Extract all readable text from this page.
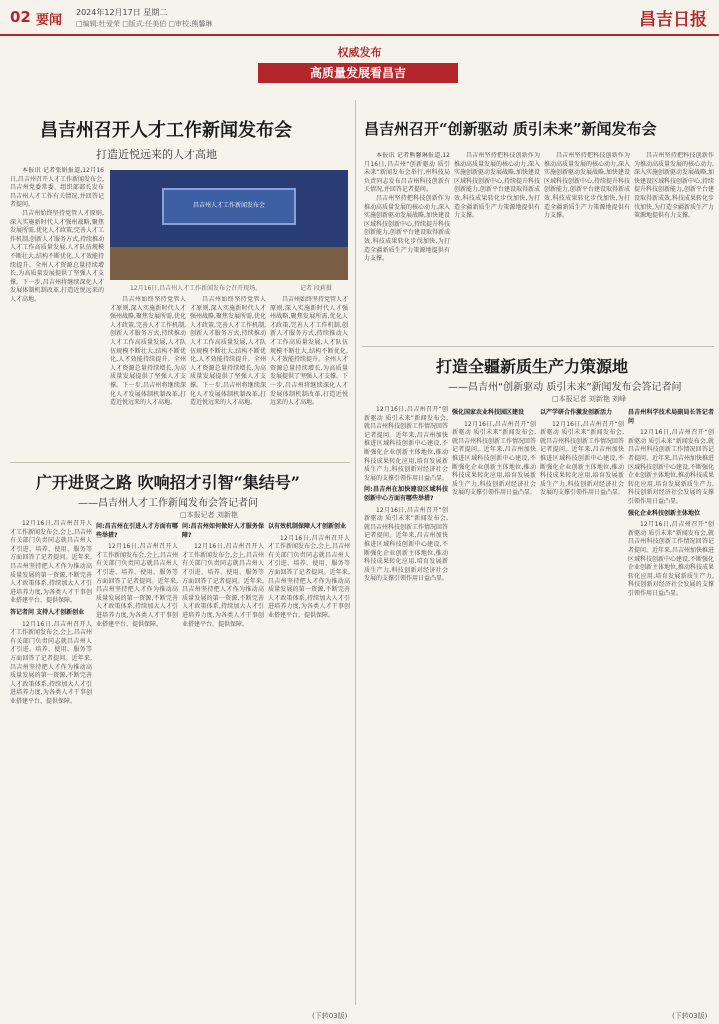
02 要闻
2024年12月17日 星期二
□编辑:牡爱荣 □版式:任美伯 □审校:熊馨琳	昌吉日报
权威发布
高质量发展看昌吉
昌吉州召开人才工作新闻发布会
打造近悦远来的人才高地

本报讯 记者张娟报道,12月16日,昌吉州召开人才工作新闻发布会,昌吉州党委常委、组织部部长发布昌吉州人才工作有关情况,并回答记者提问。

昌吉州始终坚持党管人才原则,深入实施新时代人才强州战略,聚焦发展所需,优化人才政策,完善人才工作机制,创新人才服务方式,持续推动人才工作高质量发展,人才队伍规模不断壮大,结构不断优化,人才效能持续提升。全州人才资源总量持续增长,为高质量发展提供了坚强人才支撑。下一步,昌吉州将继续深化人才发展体制机制改革,打造近悦远来的人才高地。

昌吉州人才工作新闻发布会
12月16日,昌吉州人才工作新闻发布会召开现场。	记者 段莉摄

昌吉州始终坚持党管人才原则,深入实施新时代人才强州战略,聚焦发展所需,优化人才政策,完善人才工作机制,创新人才服务方式,持续推动人才工作高质量发展,人才队伍规模不断壮大,结构不断优化,人才效能持续提升。全州人才资源总量持续增长,为高质量发展提供了坚强人才支撑。下一步,昌吉州将继续深化人才发展体制机制改革,打造近悦远来的人才高地。

昌吉州始终坚持党管人才原则,深入实施新时代人才强州战略,聚焦发展所需,优化人才政策,完善人才工作机制,创新人才服务方式,持续推动人才工作高质量发展,人才队伍规模不断壮大,结构不断优化,人才效能持续提升。全州人才资源总量持续增长,为高质量发展提供了坚强人才支撑。下一步,昌吉州将继续深化人才发展体制机制改革,打造近悦远来的人才高地。

昌吉州始终坚持党管人才原则,深入实施新时代人才强州战略,聚焦发展所需,优化人才政策,完善人才工作机制,创新人才服务方式,持续推动人才工作高质量发展,人才队伍规模不断壮大,结构不断优化,人才效能持续提升。全州人才资源总量持续增长,为高质量发展提供了坚强人才支撑。下一步,昌吉州将继续深化人才发展体制机制改革,打造近悦远来的人才高地。

广开进贤之路 吹响招才引智“集结号”
——昌吉州人才工作新闻发布会答记者问
□本报记者 刘新艳

12月16日,昌吉州召开人才工作新闻发布会,会上,昌吉州有关部门负责同志就昌吉州人才引进、培养、使用、服务等方面回答了记者提问。近年来,昌吉州坚持把人才作为推动高质量发展的第一资源,不断完善人才政策体系,持续加大人才引进培养力度,为各类人才干事创业搭建平台、提供保障。

答记者问 支持人才创新创业

12月16日,昌吉州召开人才工作新闻发布会,会上,昌吉州有关部门负责同志就昌吉州人才引进、培养、使用、服务等方面回答了记者提问。近年来,昌吉州坚持把人才作为推动高质量发展的第一资源,不断完善人才政策体系,持续加大人才引进培养力度,为各类人才干事创业搭建平台、提供保障。

问:昌吉州在引进人才方面有哪些举措?

12月16日,昌吉州召开人才工作新闻发布会,会上,昌吉州有关部门负责同志就昌吉州人才引进、培养、使用、服务等方面回答了记者提问。近年来,昌吉州坚持把人才作为推动高质量发展的第一资源,不断完善人才政策体系,持续加大人才引进培养力度,为各类人才干事创业搭建平台、提供保障。

问:昌吉州如何做好人才服务保障?

12月16日,昌吉州召开人才工作新闻发布会,会上,昌吉州有关部门负责同志就昌吉州人才引进、培养、使用、服务等方面回答了记者提问。近年来,昌吉州坚持把人才作为推动高质量发展的第一资源,不断完善人才政策体系,持续加大人才引进培养力度,为各类人才干事创业搭建平台、提供保障。

以有效机制保障人才创新创业

12月16日,昌吉州召开人才工作新闻发布会,会上,昌吉州有关部门负责同志就昌吉州人才引进、培养、使用、服务等方面回答了记者提问。近年来,昌吉州坚持把人才作为推动高质量发展的第一资源,不断完善人才政策体系,持续加大人才引进培养力度,为各类人才干事创业搭建平台、提供保障。

(下转03版)
昌吉州召开“创新驱动 质引未来”新闻发布会

本报讯 记者熊馨琳报道,12月16日,昌吉州“创新驱动 质引未来”新闻发布会举行,州科技局负责同志发布昌吉州科技创新有关情况,并回答记者提问。

昌吉州坚持把科技创新作为推动高质量发展的核心动力,深入实施创新驱动发展战略,加快建设区域科技创新中心,持续提升科技创新能力,创新平台建设取得新成效,科技成果转化步伐加快,为打造全疆新质生产力策源地提供有力支撑。

昌吉州坚持把科技创新作为推动高质量发展的核心动力,深入实施创新驱动发展战略,加快建设区域科技创新中心,持续提升科技创新能力,创新平台建设取得新成效,科技成果转化步伐加快,为打造全疆新质生产力策源地提供有力支撑。

昌吉州坚持把科技创新作为推动高质量发展的核心动力,深入实施创新驱动发展战略,加快建设区域科技创新中心,持续提升科技创新能力,创新平台建设取得新成效,科技成果转化步伐加快,为打造全疆新质生产力策源地提供有力支撑。

昌吉州坚持把科技创新作为推动高质量发展的核心动力,深入实施创新驱动发展战略,加快建设区域科技创新中心,持续提升科技创新能力,创新平台建设取得新成效,科技成果转化步伐加快,为打造全疆新质生产力策源地提供有力支撑。

打造全疆新质生产力策源地
——昌吉州“创新驱动 质引未来”新闻发布会答记者问
□本报记者 刘新艳 刘峰

12月16日,昌吉州召开“创新驱动 质引未来”新闻发布会,就昌吉州科技创新工作情况回答记者提问。近年来,昌吉州加快推进区域科技创新中心建设,不断强化企业创新主体地位,推动科技成果转化应用,培育发展新质生产力,科技创新对经济社会发展的支撑引领作用日益凸显。

问:昌吉州在加快建设区域科技创新中心方面有哪些举措?

12月16日,昌吉州召开“创新驱动 质引未来”新闻发布会,就昌吉州科技创新工作情况回答记者提问。近年来,昌吉州加快推进区域科技创新中心建设,不断强化企业创新主体地位,推动科技成果转化应用,培育发展新质生产力,科技创新对经济社会发展的支撑引领作用日益凸显。

强化国家农业科技园区建设

12月16日,昌吉州召开“创新驱动 质引未来”新闻发布会,就昌吉州科技创新工作情况回答记者提问。近年来,昌吉州加快推进区域科技创新中心建设,不断强化企业创新主体地位,推动科技成果转化应用,培育发展新质生产力,科技创新对经济社会发展的支撑引领作用日益凸显。

以产学研合作激发创新活力

12月16日,昌吉州召开“创新驱动 质引未来”新闻发布会,就昌吉州科技创新工作情况回答记者提问。近年来,昌吉州加快推进区域科技创新中心建设,不断强化企业创新主体地位,推动科技成果转化应用,培育发展新质生产力,科技创新对经济社会发展的支撑引领作用日益凸显。

昌吉州科学技术局副局长答记者问

12月16日,昌吉州召开“创新驱动 质引未来”新闻发布会,就昌吉州科技创新工作情况回答记者提问。近年来,昌吉州加快推进区域科技创新中心建设,不断强化企业创新主体地位,推动科技成果转化应用,培育发展新质生产力,科技创新对经济社会发展的支撑引领作用日益凸显。

强化企业科技创新主体地位

12月16日,昌吉州召开“创新驱动 质引未来”新闻发布会,就昌吉州科技创新工作情况回答记者提问。近年来,昌吉州加快推进区域科技创新中心建设,不断强化企业创新主体地位,推动科技成果转化应用,培育发展新质生产力,科技创新对经济社会发展的支撑引领作用日益凸显。

(下转03版)
